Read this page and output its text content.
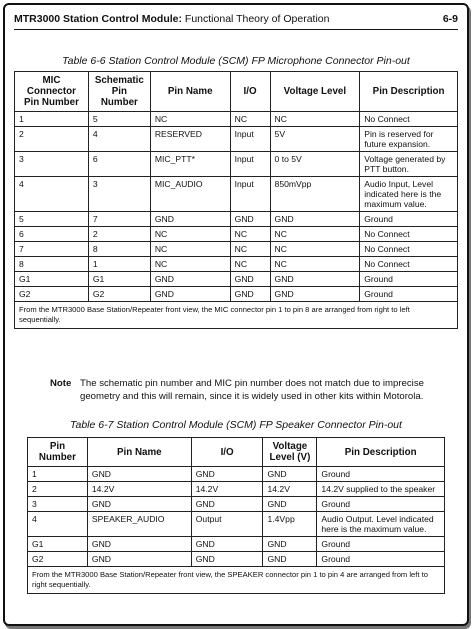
MTR3000 Station Control Module: Functional Theory of Operation	6-9
Table 6-6 Station Control Module (SCM) FP Microphone Connector Pin-out
MIC Connector Pin Number	Schematic Pin Number	Pin Name	I/O	Voltage Level	Pin Description
1	5	NC	NC	NC	No Connect
2	4	RESERVED	Input	5V	Pin is reserved for future expansion.
3	6	MIC_PTT*	Input	0 to 5V	Voltage generated by PTT button.
4	3	MIC_AUDIO	Input	850mVpp	Audio Input, Level indicated here is the maximum value.
5	7	GND	GND	GND	Ground
6	2	NC	NC	NC	No Connect
7	8	NC	NC	NC	No Connect
8	1	NC	NC	NC	No Connect
G1	G1	GND	GND	GND	Ground
G2	G2	GND	GND	GND	Ground
From the MTR3000 Base Station/Repeater front view, the MIC connector pin 1 to pin 8 are arranged from right to left sequentially.					
Note The schematic pin number and MIC pin number does not match due to imprecise geometry and this will remain, since it is widely used in other kits within Motorola.
Table 6-7 Station Control Module (SCM) FP Speaker Connector Pin-out
Pin Number	Pin Name	I/O	Voltage Level (V)	Pin Description
1	GND	GND	GND	Ground
2	14.2V	14.2V	14.2V	14.2V supplied to the speaker
3	GND	GND	GND	Ground
4	SPEAKER_AUDIO	Output	1.4Vpp	Audio Output. Level indicated here is the maximum value.
G1	GND	GND	GND	Ground
G2	GND	GND	GND	Ground
From the MTR3000 Base Station/Repeater front view, the SPEAKER connector pin 1 to pin 4 are arranged from left to right sequentially.				
